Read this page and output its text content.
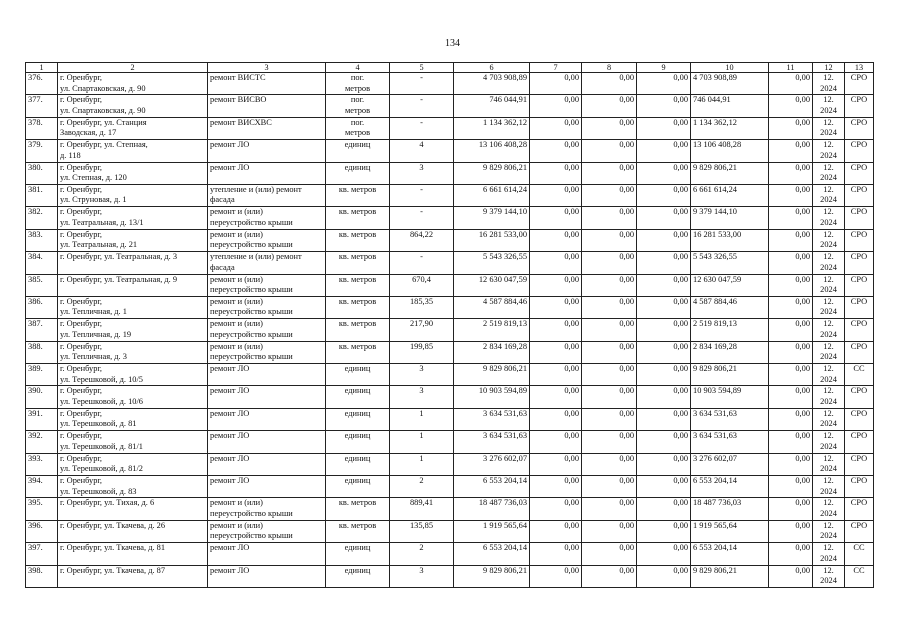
134
1	2	3	4	5	6	7	8	9	10	11	12	13

376.	г. Оренбург,
ул. Спартаковская, д. 90	ремонт ВИСТС	пог.
метров	-	4 703 908,89	0,00	0,00	0,00	4 703 908,89	0,00	12.
2024	СРО

377.	г. Оренбург,
ул. Спартаковская, д. 90	ремонт ВИСВО	пог.
метров	-	746 044,91	0,00	0,00	0,00	746 044,91	0,00	12.
2024	СРО

378.	г. Оренбург, ул. Станция
Заводская, д. 17	ремонт ВИСХВС	пог.
метров	-	1 134 362,12	0,00	0,00	0,00	1 134 362,12	0,00	12.
2024	СРО

379.	г. Оренбург, ул. Степная,
д. 118	ремонт ЛО	единиц	4	13 106 408,28	0,00	0,00	0,00	13 106 408,28	0,00	12.
2024	СРО

380.	г. Оренбург,
ул. Степная, д. 120	ремонт ЛО	единиц	3	9 829 806,21	0,00	0,00	0,00	9 829 806,21	0,00	12.
2024	СРО

381.	г. Оренбург,
ул. Струновая, д. 1	утепление и (или) ремонт
фасада	кв. метров	-	6 661 614,24	0,00	0,00	0,00	6 661 614,24	0,00	12.
2024	СРО

382.	г. Оренбург,
ул. Театральная, д. 13/1	ремонт и (или)
переустройство крыши	кв. метров	-	9 379 144,10	0,00	0,00	0,00	9 379 144,10	0,00	12.
2024	СРО

383.	г. Оренбург,
ул. Театральная, д. 21	ремонт и (или)
переустройство крыши	кв. метров	864,22	16 281 533,00	0,00	0,00	0,00	16 281 533,00	0,00	12.
2024	СРО

384.	г. Оренбург, ул. Театральная, д. 3	утепление и (или) ремонт
фасада	кв. метров	-	5 543 326,55	0,00	0,00	0,00	5 543 326,55	0,00	12.
2024	СРО

385.	г. Оренбург, ул. Театральная, д. 9	ремонт и (или)
переустройство крыши	кв. метров	670,4	12 630 047,59	0,00	0,00	0,00	12 630 047,59	0,00	12.
2024	СРО

386.	г. Оренбург,
ул. Тепличная, д. 1	ремонт и (или)
переустройство крыши	кв. метров	185,35	4 587 884,46	0,00	0,00	0,00	4 587 884,46	0,00	12.
2024	СРО

387.	г. Оренбург,
ул. Тепличная, д. 19	ремонт и (или)
переустройство крыши	кв. метров	217,90	2 519 819,13	0,00	0,00	0,00	2 519 819,13	0,00	12.
2024	СРО

388.	г. Оренбург,
ул. Тепличная, д. 3	ремонт и (или)
переустройство крыши	кв. метров	199,85	2 834 169,28	0,00	0,00	0,00	2 834 169,28	0,00	12.
2024	СРО

389.	г. Оренбург,
ул. Терешковой, д. 10/5	ремонт ЛО	единиц	3	9 829 806,21	0,00	0,00	0,00	9 829 806,21	0,00	12.
2024	СС

390.	г. Оренбург,
ул. Терешковой, д. 10/6	ремонт ЛО	единиц	3	10 903 594,89	0,00	0,00	0,00	10 903 594,89	0,00	12.
2024	СРО

391.	г. Оренбург,
ул. Терешковой, д. 81	ремонт ЛО	единиц	1	3 634 531,63	0,00	0,00	0,00	3 634 531,63	0,00	12.
2024	СРО

392.	г. Оренбург,
ул. Терешковой, д. 81/1	ремонт ЛО	единиц	1	3 634 531,63	0,00	0,00	0,00	3 634 531,63	0,00	12.
2024	СРО

393.	г. Оренбург,
ул. Терешковой, д. 81/2	ремонт ЛО	единиц	1	3 276 602,07	0,00	0,00	0,00	3 276 602,07	0,00	12.
2024	СРО

394.	г. Оренбург,
ул. Терешковой, д. 83	ремонт ЛО	единиц	2	6 553 204,14	0,00	0,00	0,00	6 553 204,14	0,00	12.
2024	СРО

395.	г. Оренбург, ул. Тихая, д. 6	ремонт и (или)
переустройство крыши	кв. метров	889,41	18 487 736,03	0,00	0,00	0,00	18 487 736,03	0,00	12.
2024	СРО

396.	г. Оренбург, ул. Ткачева, д. 26	ремонт и (или)
переустройство крыши	кв. метров	135,85	1 919 565,64	0,00	0,00	0,00	1 919 565,64	0,00	12.
2024	СРО

397.	г. Оренбург, ул. Ткачева, д. 81	ремонт ЛО	единиц	2	6 553 204,14	0,00	0,00	0,00	6 553 204,14	0,00	12.
2024	СС

398.	г. Оренбург, ул. Ткачева, д. 87	ремонт ЛО	единиц	3	9 829 806,21	0,00	0,00	0,00	9 829 806,21	0,00	12.
2024	СС
